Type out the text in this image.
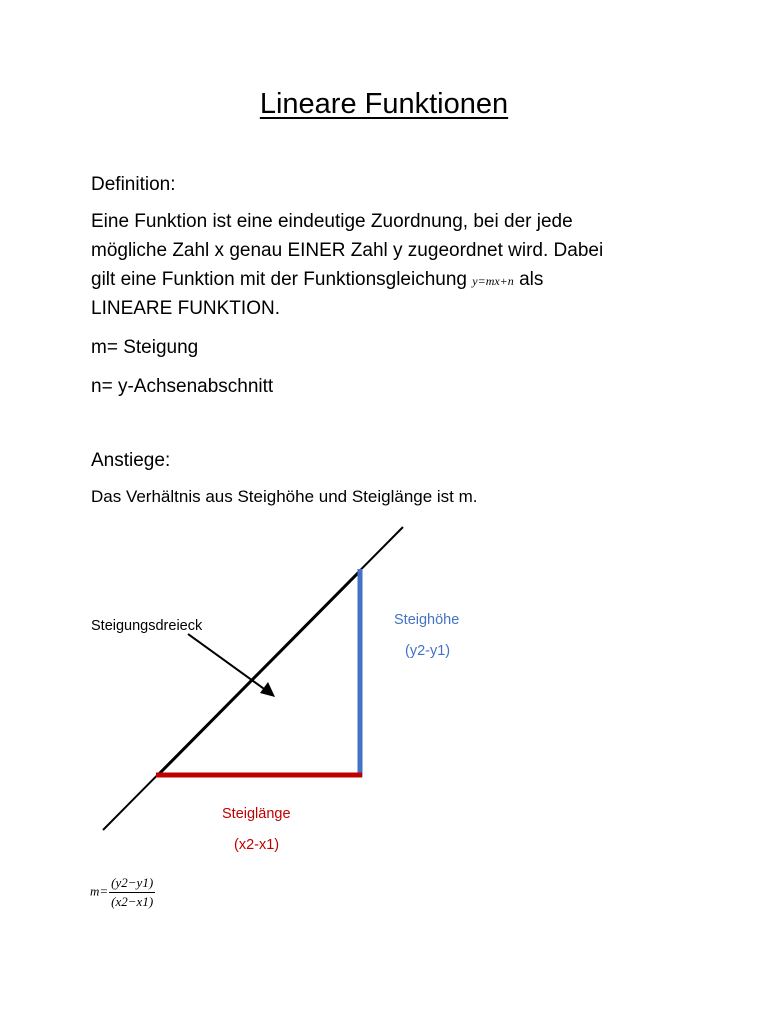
Lineare Funktionen
Definition:
Eine Funktion ist eine eindeutige Zuordnung, bei der jede
mögliche Zahl x genau EINER Zahl y zugeordnet wird. Dabei
gilt eine Funktion mit der Funktionsgleichung y=mx+n als
LINEARE FUNKTION.
m= Steigung
n= y-Achsenabschnitt
Anstiege:
Das Verhältnis aus Steighöhe und Steiglänge ist m.
Steigungsdreieck	Steighöhe
(y2-y1)
Steiglänge
(x2-x1)
$m= \frac{(y2-y1)}{(x2-x1)}$
